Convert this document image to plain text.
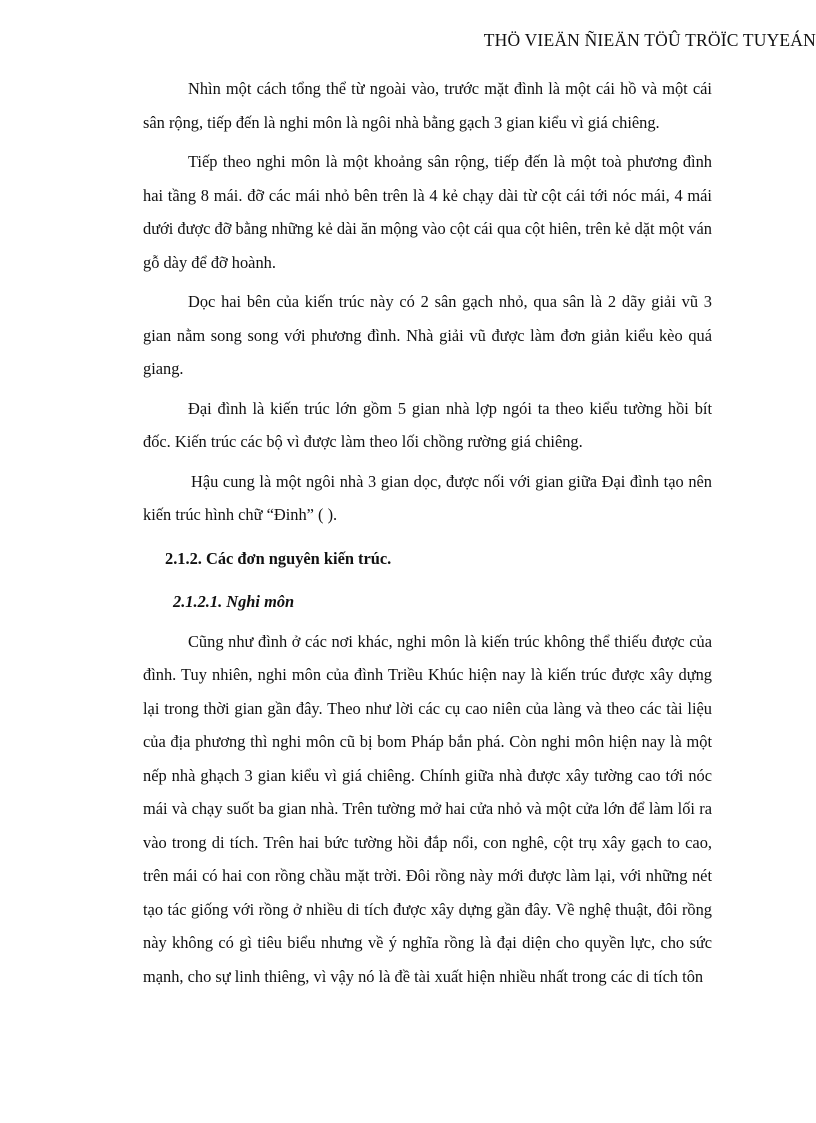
THÖ VIEÄN ÑIEÄN TÖÛ TRÖÏC TUYEÁN

Nhìn một cách tổng thể từ ngoài vào, trước mặt đình là một cái hồ và một cái sân rộng, tiếp đến là nghi môn là ngôi nhà bằng gạch 3 gian kiểu vì giá chiêng.

Tiếp theo nghi môn là một khoảng sân rộng, tiếp đến là một toà phương đình hai tầng 8 mái. đỡ các mái nhỏ bên trên là 4 kẻ chạy dài từ cột cái tới nóc mái, 4 mái dưới được đỡ bằng những kẻ dài ăn mộng vào cột cái qua cột hiên, trên kẻ dặt một ván gỗ dày để đỡ hoành.

Dọc hai bên của kiến trúc này có 2 sân gạch nhỏ, qua sân là 2 dãy giải vũ 3 gian nằm song song với phương đình. Nhà giải vũ được làm đơn giản kiểu kèo quá giang.

Đại đình là kiến trúc lớn gồm 5 gian nhà lợp ngói ta theo kiểu tường hồi bít đốc. Kiến trúc các bộ vì được làm theo lối chồng rường giá chiêng.

Hậu cung là một ngôi nhà 3 gian dọc, được nối với gian giữa Đại đình tạo nên kiến trúc hình chữ “Đinh” ( ).

2.1.2. Các đơn nguyên kiến trúc.
2.1.2.1. Nghi môn

Cũng như đình ở các nơi khác, nghi môn là kiến trúc không thể thiếu được của đình. Tuy nhiên, nghi môn của đình Triều Khúc hiện nay là kiến trúc được xây dựng lại trong thời gian gần đây. Theo như lời các cụ cao niên của làng và theo các tài liệu của địa phương thì nghi môn cũ bị bom Pháp bắn phá. Còn nghi môn hiện nay là một nếp nhà ghạch 3 gian kiểu vì giá chiêng. Chính giữa nhà được xây tường cao tới nóc mái và chạy suốt ba gian nhà. Trên tường mở hai cửa nhỏ và một cửa lớn để làm lối ra vào trong di tích. Trên hai bức tường hồi đắp nổi, con nghê, cột trụ xây gạch to cao, trên mái có hai con rồng chầu mặt trời. Đôi rồng này mới được làm lại, với những nét tạo tác giống với rồng ở nhiều di tích được xây dựng gần đây. Về nghệ thuật, đôi rồng này không có gì tiêu biểu nhưng về ý nghĩa rồng là đại diện cho quyền lực, cho sức mạnh, cho sự linh thiêng, vì vậy nó là đề tài xuất hiện nhiều nhất trong các di tích tôn
